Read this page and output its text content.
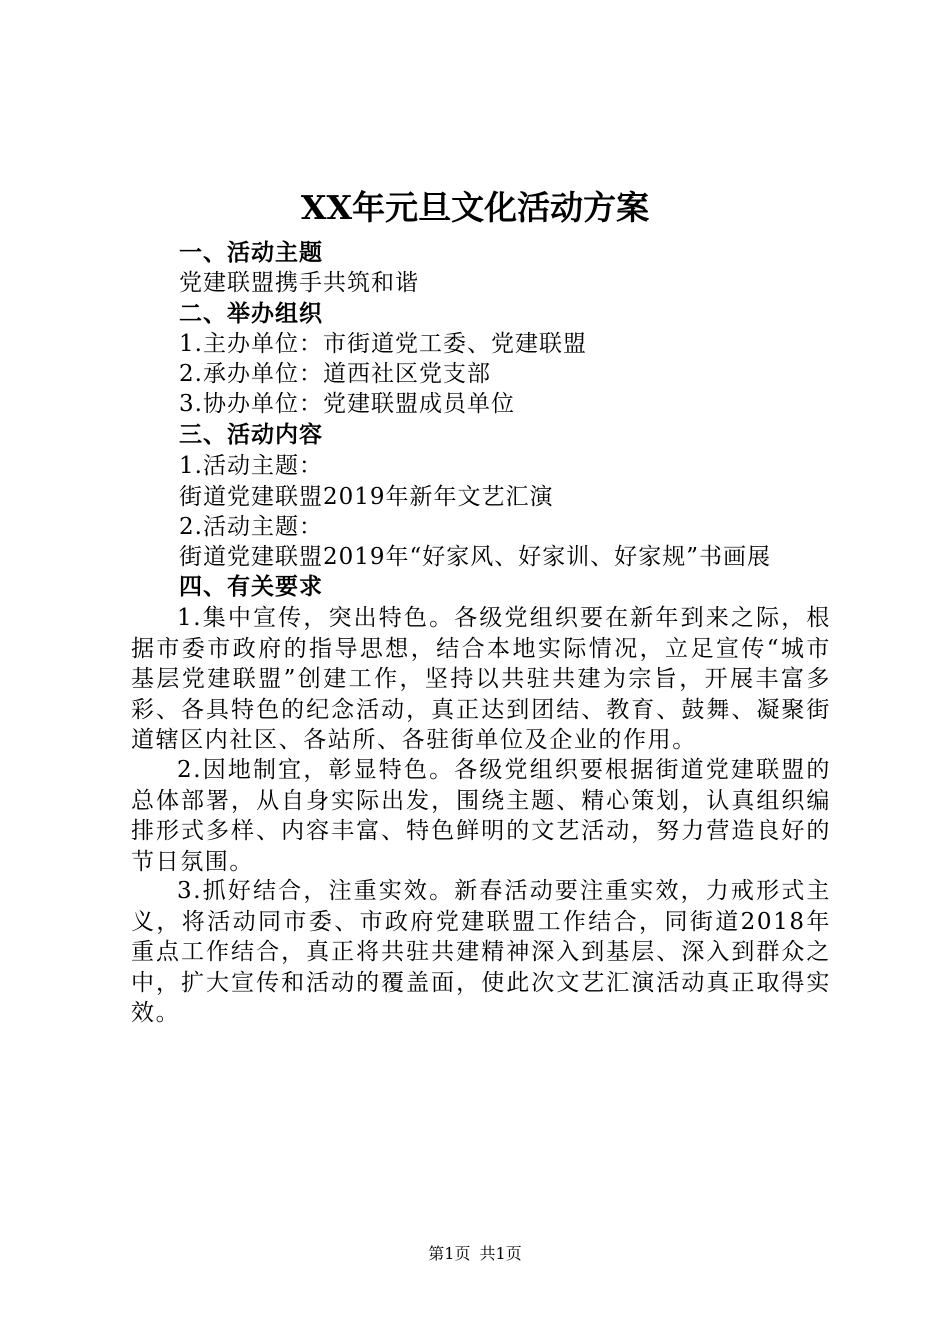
XX年元旦文化活动方案
一、活动主题
党建联盟携手共筑和谐
二、举办组织
1.主办单位：市街道党工委、党建联盟
2.承办单位：道西社区党支部
3.协办单位：党建联盟成员单位
三、活动内容
1.活动主题：
街道党建联盟2019年新年文艺汇演
2.活动主题：
街道党建联盟2019年“好家风、好家训、好家规”书画展
四、有关要求
1.集中宣传，突出特色。各级党组织要在新年到来之际，根据市委市政府的指导思想，结合本地实际情况，立足宣传“城市基层党建联盟”创建工作，坚持以共驻共建为宗旨，开展丰富多彩、各具特色的纪念活动，真正达到团结、教育、鼓舞、凝聚街道辖区内社区、各站所、各驻街单位及企业的作用。
2.因地制宜，彰显特色。各级党组织要根据街道党建联盟的总体部署，从自身实际出发，围绕主题、精心策划，认真组织编排形式多样、内容丰富、特色鲜明的文艺活动，努力营造良好的节日氛围。
3.抓好结合，注重实效。新春活动要注重实效，力戒形式主义，将活动同市委、市政府党建联盟工作结合，同街道2018年重点工作结合，真正将共驻共建精神深入到基层、深入到群众之中，扩大宣传和活动的覆盖面，使此次文艺汇演活动真正取得实效。
第1页 共1页
